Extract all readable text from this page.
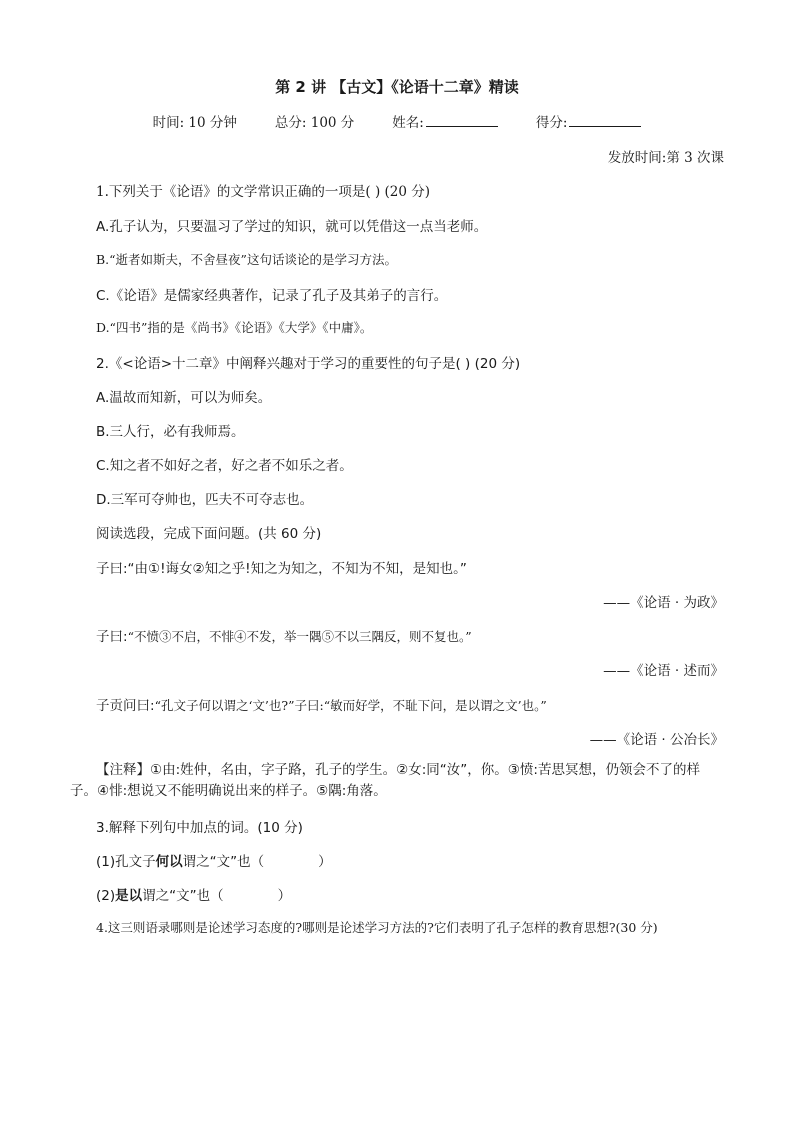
第 2 讲 【古文】《论语十二章》精读
时间: 10 分钟	总分: 100 分	姓名:	得分:
发放时间:第 3 次课
1.下列关于《论语》的文学常识正确的一项是( ) (20 分)
A.孔子认为，只要温习了学过的知识，就可以凭借这一点当老师。
B.“逝者如斯夫，不舍昼夜”这句话谈论的是学习方法。
C.《论语》是儒家经典著作，记录了孔子及其弟子的言行。
D.“四书”指的是《尚书》《论语》《大学》《中庸》。
2.《<论语>十二章》中阐释兴趣对于学习的重要性的句子是( ) (20 分)
A.温故而知新，可以为师矣。
B.三人行，必有我师焉。
C.知之者不如好之者，好之者不如乐之者。
D.三军可夺帅也，匹夫不可夺志也。
阅读选段，完成下面问题。(共 60 分)
子曰:“由①!诲女②知之乎!知之为知之，不知为不知，是知也。”
——《论语 · 为政》
子曰:“不愤③不启，不悱④不发，举一隅⑤不以三隅反，则不复也。”
——《论语 · 述而》
子贡问曰:“孔文子何以谓之‘文’也?”子曰:“敏而好学，不耻下问，是以谓之文’也。”
——《论语 · 公冶长》
【注释】①由:姓仲，名由，字子路，孔子的学生。②女:同“汝”，你。③愤:苦思冥想，仍领会不了的样子。④悱:想说又不能明确说出来的样子。⑤隅:角落。
3.解释下列句中加点的词。(10 分)
(1)孔文子何以谓之“文”也（	）
(2)是以谓之“文”也（	）
4.这三则语录哪则是论述学习态度的?哪则是论述学习方法的?它们表明了孔子怎样的教育思想?(30 分)
